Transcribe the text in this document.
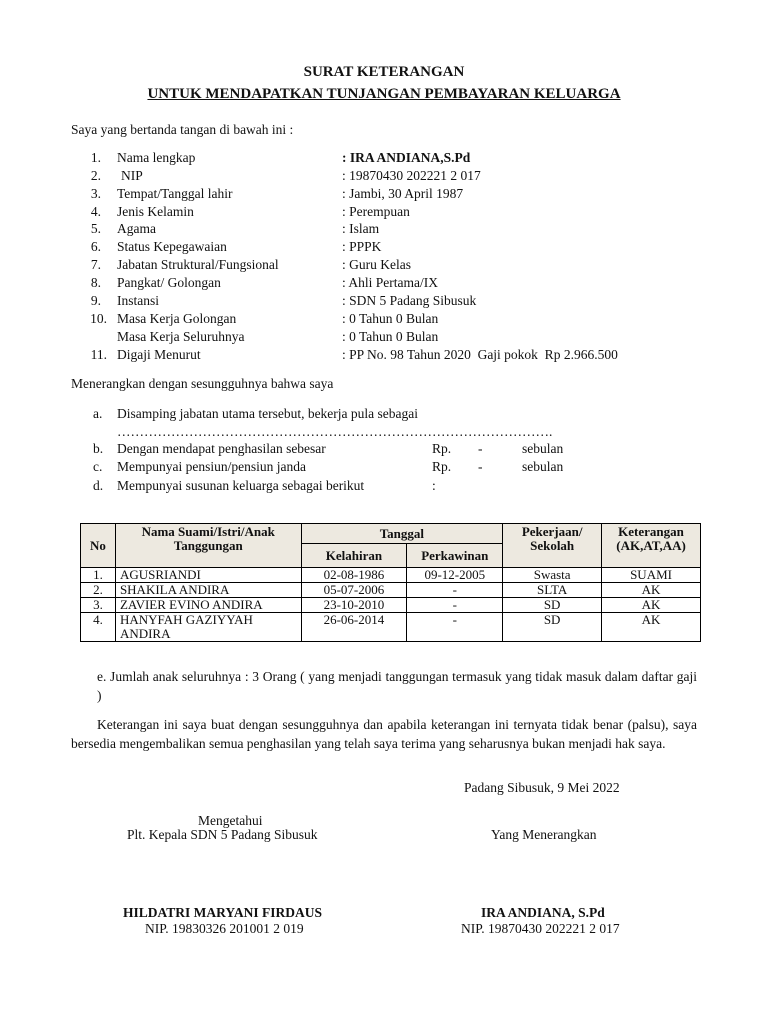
SURAT KETERANGAN
UNTUK MENDAPATKAN TUNJANGAN PEMBAYARAN KELUARGA
Saya yang bertanda tangan di bawah ini :
1. Nama lengkap	: IRA ANDIANA,S.Pd
2. NIP	: 19870430 202221 2 017
3. Tempat/Tanggal lahir	: Jambi, 30 April 1987
4. Jenis Kelamin	: Perempuan
5. Agama	: Islam
6. Status Kepegawaian	: PPPK
7. Jabatan Struktural/Fungsional	: Guru Kelas
8. Pangkat/ Golongan	: Ahli Pertama/IX
9. Instansi	: SDN 5 Padang Sibusuk
10. Masa Kerja Golongan	: 0 Tahun 0 Bulan
Masa Kerja Seluruhnya	: 0 Tahun 0 Bulan
11. Digaji Menurut	: PP No. 98 Tahun 2020  Gaji pokok  Rp 2.966.500
Menerangkan dengan sesungguhnya bahwa saya
a. Disamping jabatan utama tersebut, bekerja pula sebagai
…………………………………………………………………………………….
b. Dengan mendapat penghasilan sebesar	Rp. -	sebulan
c. Mempunyai pensiun/pensiun janda	Rp. -	sebulan
d. Mempunyai susunan keluarga sebagai berikut	:
No	Nama Suami/Istri/Anak Tanggungan	Tanggal		Pekerjaan/ Sekolah	Keterangan (AK,AT,AA)
		Kelahiran	Perkawinan		
1.	AGUSRIANDI	02-08-1986	09-12-2005	Swasta	SUAMI
2.	SHAKILA ANDIRA	05-07-2006	-	SLTA	AK
3.	ZAVIER EVINO ANDIRA	23-10-2010	-	SD	AK
4.	HANYFAH GAZIYYAH ANDIRA	26-06-2014	-	SD	AK
e. Jumlah anak seluruhnya : 3 Orang ( yang menjadi tanggungan termasuk yang tidak masuk dalam daftar gaji )
Keterangan ini saya buat dengan sesungguhnya dan apabila keterangan ini ternyata tidak benar (palsu), saya bersedia mengembalikan semua penghasilan yang telah saya terima yang seharusnya bukan menjadi hak saya.
Padang Sibusuk, 9 Mei 2022
Mengetahui
Plt. Kepala SDN 5 Padang Sibusuk	Yang Menerangkan
HILDATRI MARYANI FIRDAUS
NIP. 19830326 201001 2 019
IRA ANDIANA, S.Pd
NIP. 19870430 202221 2 017
